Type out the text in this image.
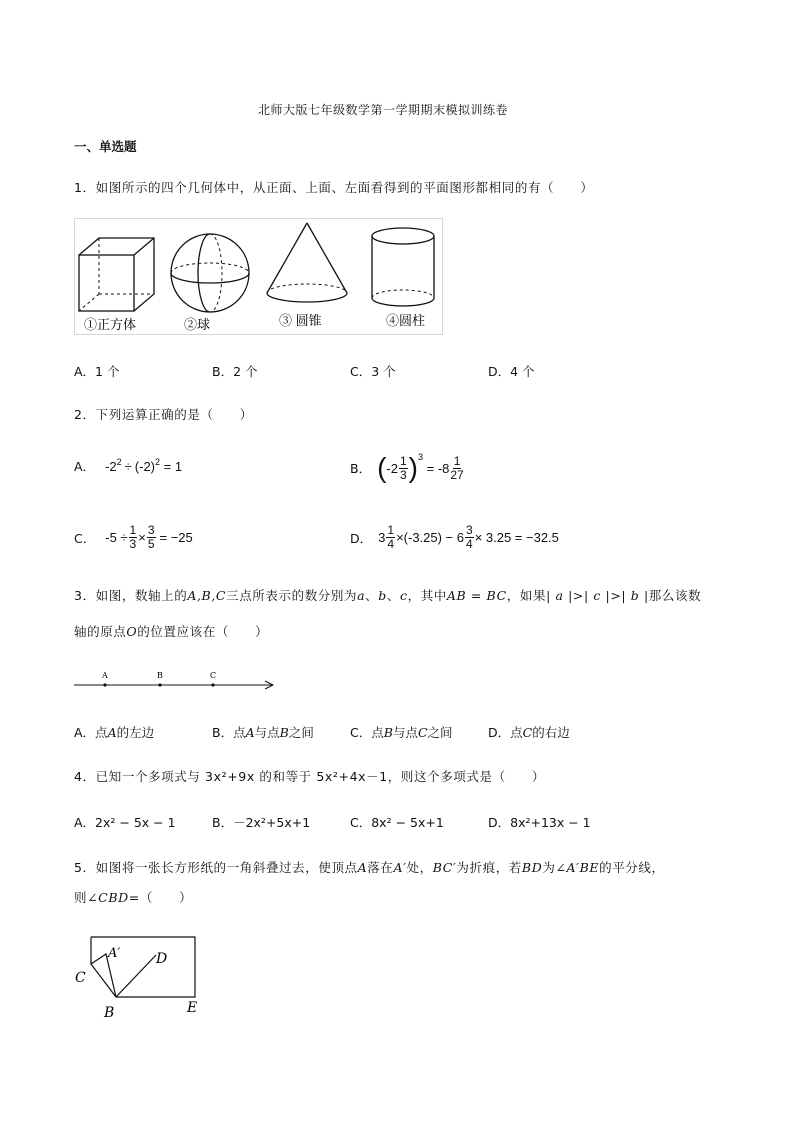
北师大版七年级数学第一学期期末模拟训练卷
一、单选题
1．如图所示的四个几何体中，从正面、上面、左面看得到的平面图形都相同的有（　　）
①正方体	②球	③ 圆锥	④圆柱
A．1 个	B．2 个	C．3 个	D．4 个
2．下列运算正确的是（　　）
A． $-2^2 \div (-2)^2 = 1$	B． ( $-2 \frac{1}{3} )^3$
= $-8 \frac{1}{27}$
C． $-5 \div \frac{1}{3} \times \frac{3}{5} = -25$	D． $3 \frac{1}{4} \times(-3.25) - 6 \frac{3}{4} \times 3.25 = -32.5$
3．如图，数轴上的A,B,C三点所表示的数分别为a、b、c，其中AB = BC，如果| a |>| c |>| b |那么该数
轴的原点O的位置应该在（　　）
A	B	C
A．点A的左边	B．点A与点B之间	C．点B与点C之间	D．点C的右边
4．已知一个多项式与 3x²+9x 的和等于 5x²+4x－1，则这个多项式是（　　）
A．2x² − 5x − 1	B．－2x²+5x+1	C．8x² − 5x+1	D．8x²+13x − 1
5．如图将一张长方形纸的一角斜叠过去，使顶点A落在A′处，BC′为折痕，若BD为∠A′BE的平分线，
则∠CBD=（　　）
A′
C
D
B	E
